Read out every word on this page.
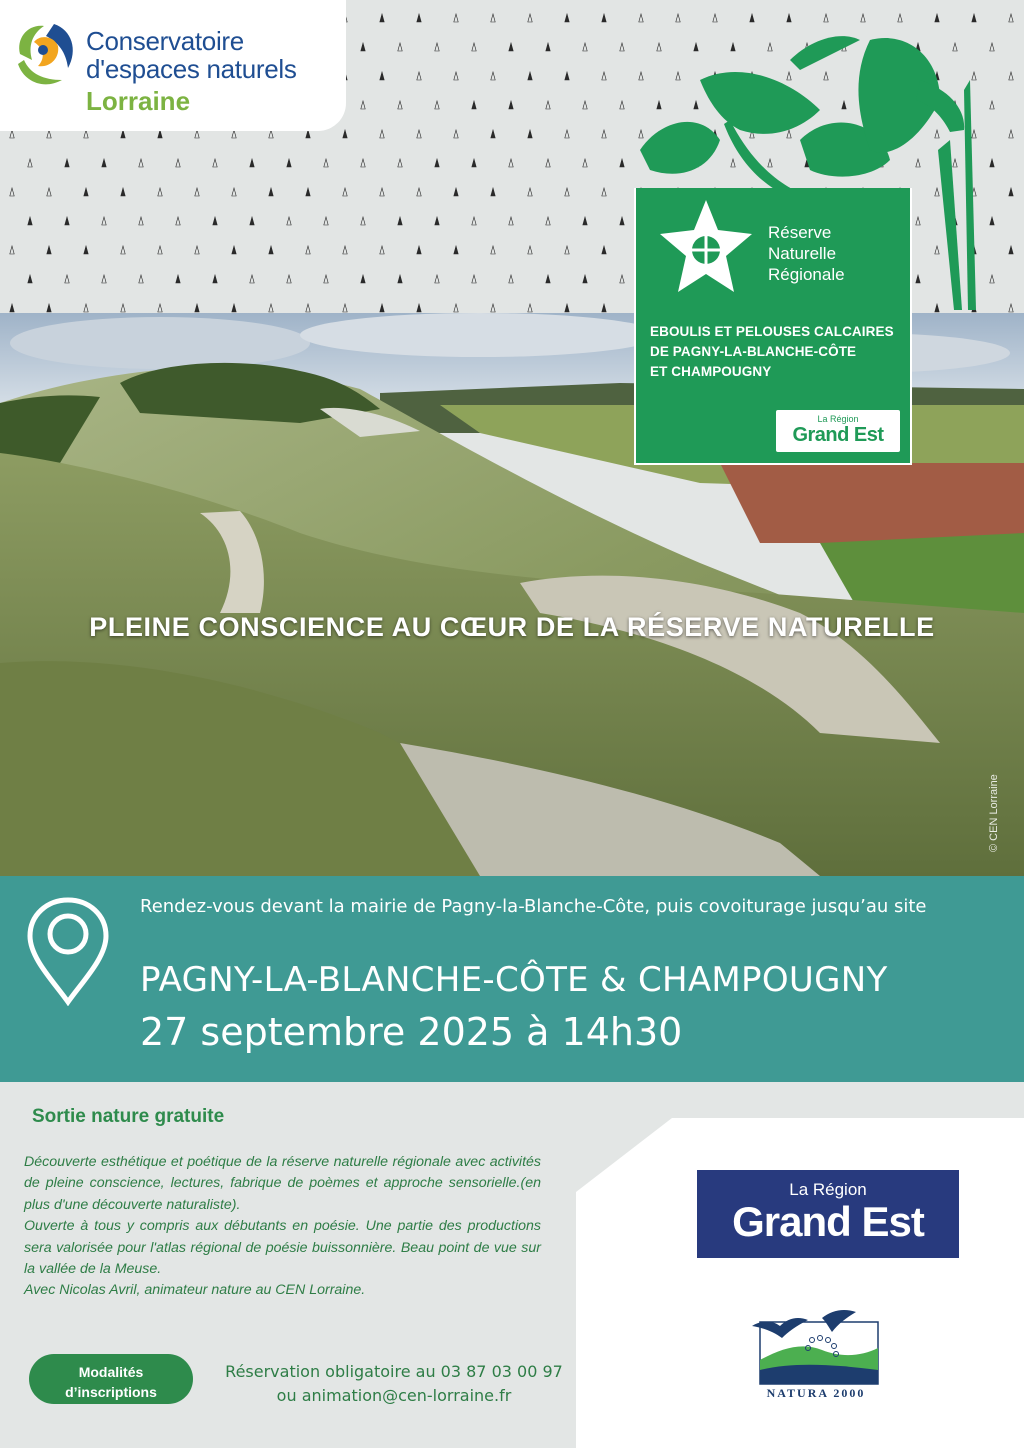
Conservatoire
d'espaces naturels
Lorraine
© CEN Lorraine
PLEINE CONSCIENCE AU CŒUR DE LA RÉSERVE NATURELLE
Réserve
Naturelle
Régionale
EBOULIS ET PELOUSES CALCAIRES
DE PAGNY-LA-BLANCHE-CÔTE
ET CHAMPOUGNY
La Région
Grand Est
Rendez-vous devant la mairie de Pagny-la-Blanche-Côte, puis covoiturage jusqu’au site
PAGNY-LA-BLANCHE-CÔTE & CHAMPOUGNY
27 septembre 2025 à 14h30
Sortie nature gratuite

Découverte esthétique et poétique de la réserve naturelle régionale avec activités de pleine conscience, lectures, fabrique de poèmes et approche sensorielle.(en plus d'une découverte naturaliste).

Ouverte à tous y compris aux débutants en poésie. Une partie des productions sera valorisée pour l'atlas régional de poésie buissonnière. Beau point de vue sur la vallée de la Meuse.

Avec Nicolas Avril, animateur nature au CEN Lorraine.

Modalités
d’inscriptions
Réservation obligatoire au 03 87 03 00 97
ou animation@cen-lorraine.fr
La Région
Grand Est
NATURA 2000
